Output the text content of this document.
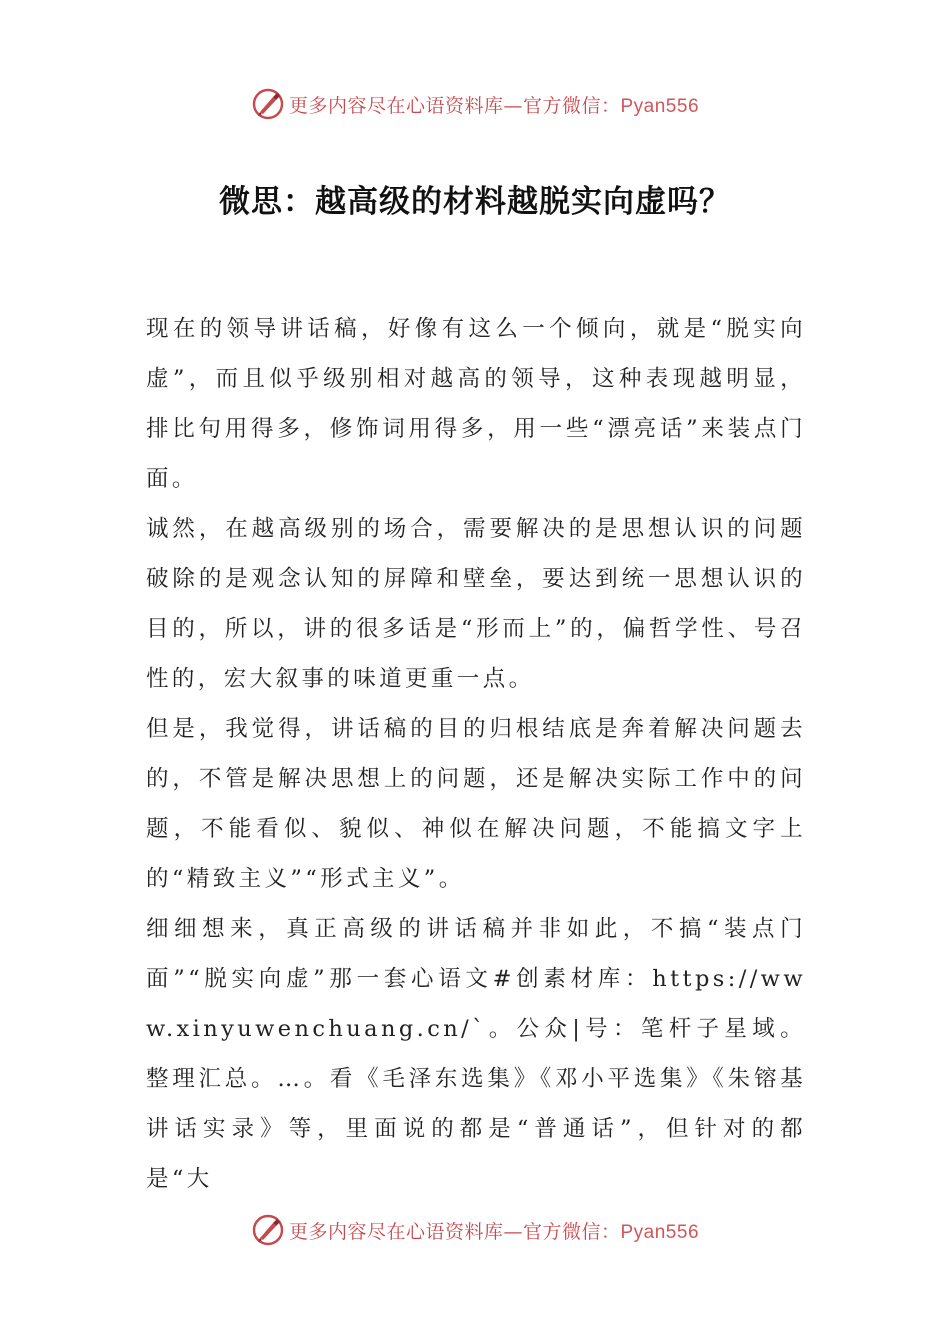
更多内容尽在心语资料库—官方微信：Pyan556
微思：越高级的材料越脱实向虚吗？

现在的领导讲话稿，好像有这么一个倾向，就是“脱实向虚”，而且似乎级别相对越高的领导，这种表现越明显，排比句用得多，修饰词用得多，用一些“漂亮话”来装点门面。

诚然，在越高级别的场合，需要解决的是思想认识的问题破除的是观念认知的屏障和壁垒，要达到统一思想认识的目的，所以，讲的很多话是“形而上”的，偏哲学性、号召性的，宏大叙事的味道更重一点。

但是，我觉得，讲话稿的目的归根结底是奔着解决问题去的，不管是解决思想上的问题，还是解决实际工作中的问题，不能看似、貌似、神似在解决问题，不能搞文字上的“精致主义”“形式主义”。

细细想来，真正高级的讲话稿并非如此，不搞“装点门面”“脱实向虚”那一套心语文#创素材库：https://www.xinyuwenchuang.cn/`。公众|号：笔杆子星域。整理汇总。…。看《毛泽东选集》《邓小平选集》《朱镕基讲话实录》等，里面说的都是“普通话”，但针对的都是“大

更多内容尽在心语资料库—官方微信：Pyan556
